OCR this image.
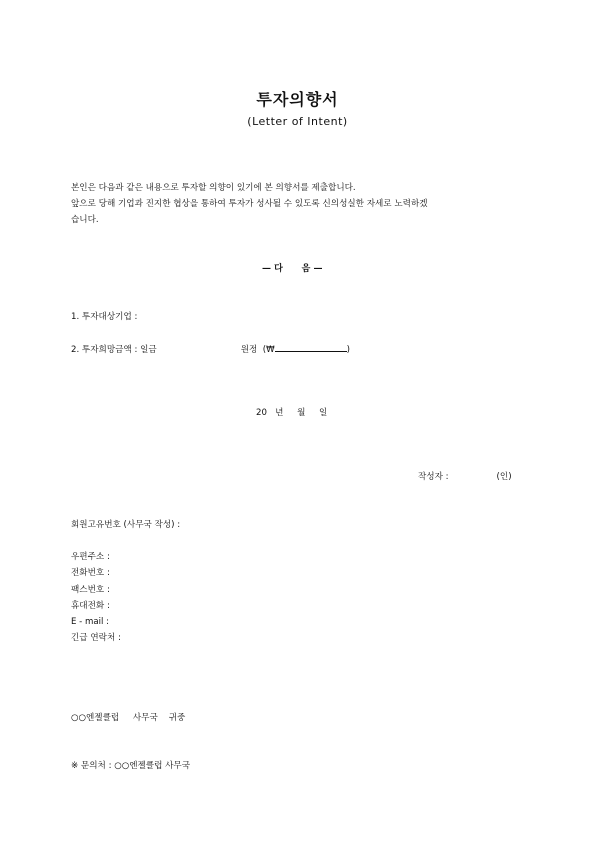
투자의향서
(Letter of Intent)

본인은 다음과 같은 내용으로 투자할 의향이 있기에 본 의향서를 제출합니다.

앞으로 당해 기업과 진지한 협상을 통하여 투자가 성사될 수 있도록 신의성실한 자세로 노력하겠

습니다.

— 다      음 —
1. 투자대상기업 :
2. 투자희망금액 : 일금	원정 (₩	)
20   년     월     일
작성자 :	(인)
회원고유번호 (사무국 작성) :
우편주소 :
전화번호 :
팩스번호 :
휴대전화 :
E - mail :
긴급 연락처 :
○○엔젤클럽     사무국    귀중
※ 문의처 : ○○엔젤클럽 사무국
